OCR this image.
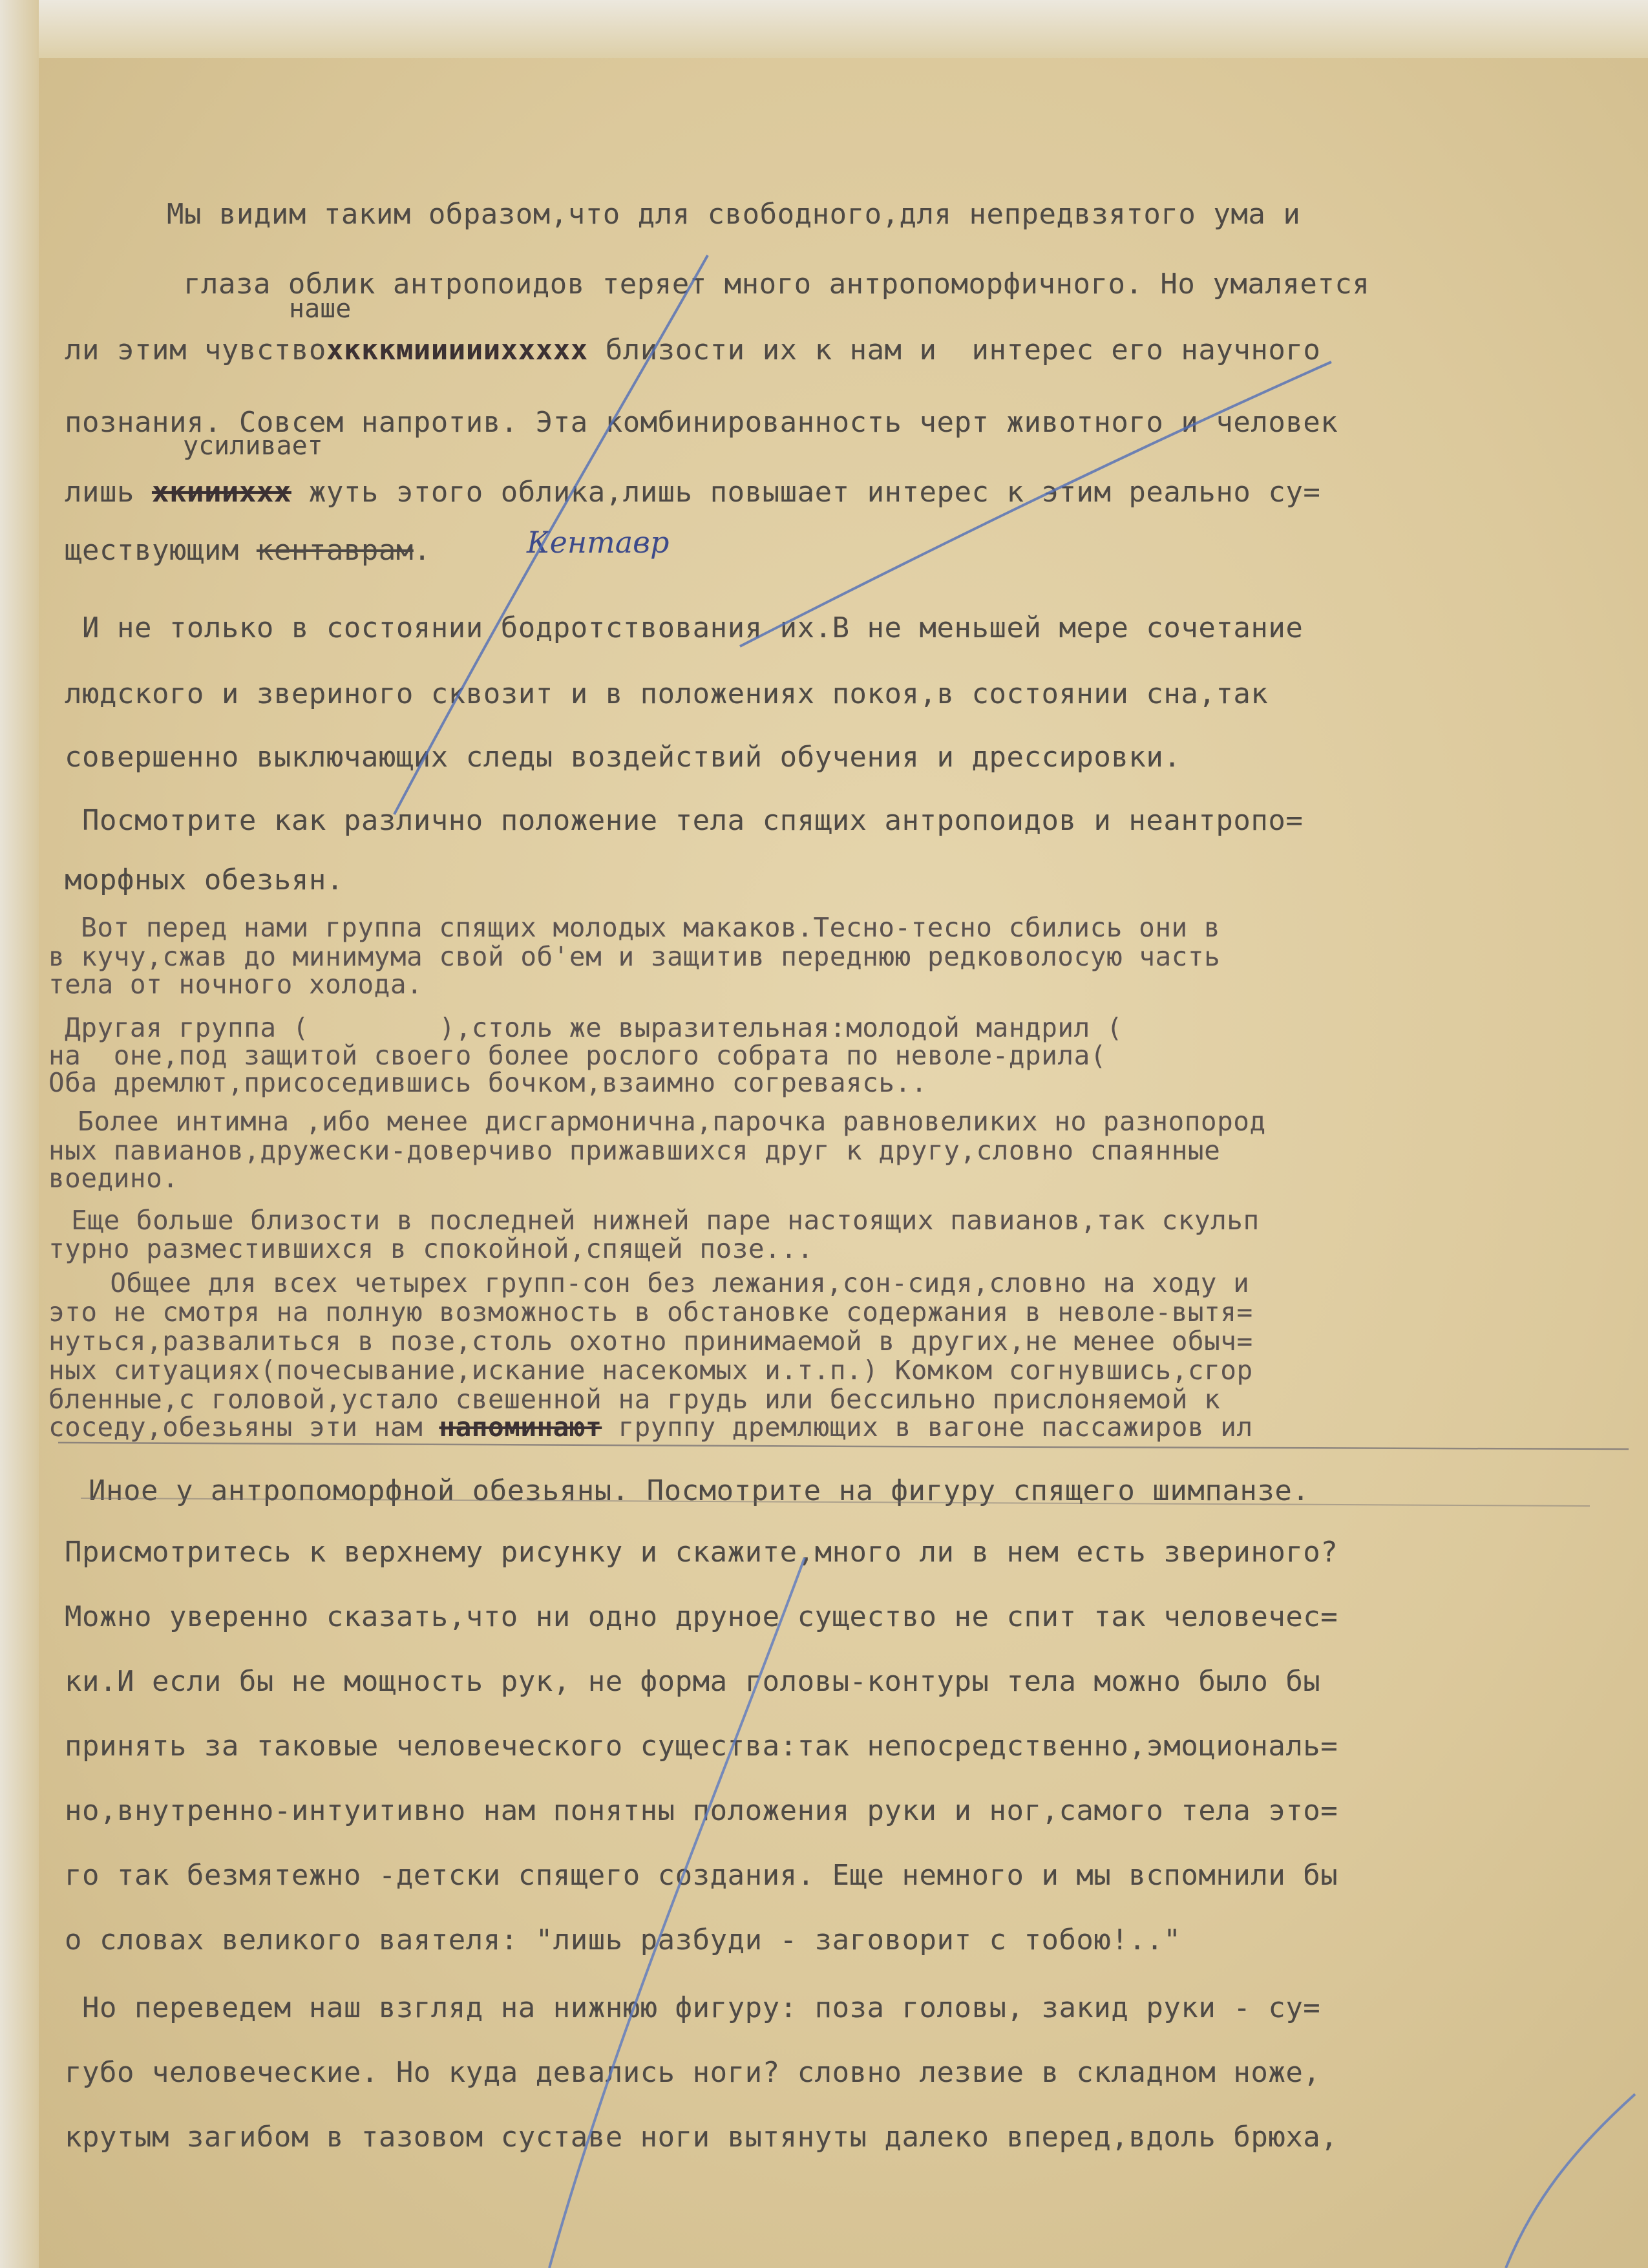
Мы видим таким образом,что для свободного,для непредвзятого ума и
глаза облик антропоидов теряет много антропоморфичного. Но умаляется
наше
ли этим чувствохкккмиииииххххх близости их к нам и  интерес его научного
познания. Совсем напротив. Эта комбинированность черт животного и человек
усиливает
лишь хкиииххх жуть этого облика,лишь повышает интерес к этим реально су=
ществующим кентаврам.	Кентавр
И не только в состоянии бодротствования их.В не меньшей мере сочетание
людского и звериного сквозит и в положениях покоя,в состоянии сна,так
совершенно выключающих следы воздействий обучения и дрессировки.
Посмотрите как различно положение тела спящих антропоидов и неантропо=
морфных обезьян.
Вот перед нами группа спящих молодых макаков.Тесно-тесно сбились они в
в кучу,сжав до минимума свой об'ем и защитив переднюю редковолосую часть
тела от ночного холода.
Другая группа (        ),столь же выразительная:молодой мандрил (
на  оне,под защитой своего более рослого собрата по неволе-дрила(
Оба дремлют,присоседившись бочком,взаимно согреваясь..
Более интимна ,ибо менее дисгармонична,парочка равновеликих но разнопород
ных павианов,дружески-доверчиво прижавшихся друг к другу,словно спаянные
воедино.
Еще больше близости в последней нижней паре настоящих павианов,так скульп
турно разместившихся в спокойной,спящей позе...
Общее для всех четырех групп-сон без лежания,сон-сидя,словно на ходу и
это не смотря на полную возможность в обстановке содержания в неволе-вытя=
нуться,развалиться в позе,столь охотно принимаемой в других,не менее обыч=
ных ситуациях(почесывание,искание насекомых и.т.п.) Комком согнувшись,сгор
бленные,с головой,устало свешенной на грудь или бессильно прислоняемой к
соседу,обезьяны эти нам напоминают группу дремлющих в вагоне пассажиров ил
Иное у антропоморфной обезьяны. Посмотрите на фигуру спящего шимпанзе.
Присмотритесь к верхнему рисунку и скажите,много ли в нем есть звериного?
Можно уверенно сказать,что ни одно друное существо не спит так человечес=
ки.И если бы не мощность рук, не форма головы-контуры тела можно было бы
принять за таковые человеческого существа:так непосредственно,эмоциональ=
но,внутренно-интуитивно нам понятны положения руки и ног,самого тела это=
го так безмятежно -детски спящего создания. Еще немного и мы вспомнили бы
о словах великого ваятеля: "лишь разбуди - заговорит с тобою!.."
Но переведем наш взгляд на нижнюю фигуру: поза головы, закид руки - су=
губо человеческие. Но куда девались ноги? словно лезвие в складном ноже,
крутым загибом в тазовом суставе ноги вытянуты далеко вперед,вдоль брюха,
